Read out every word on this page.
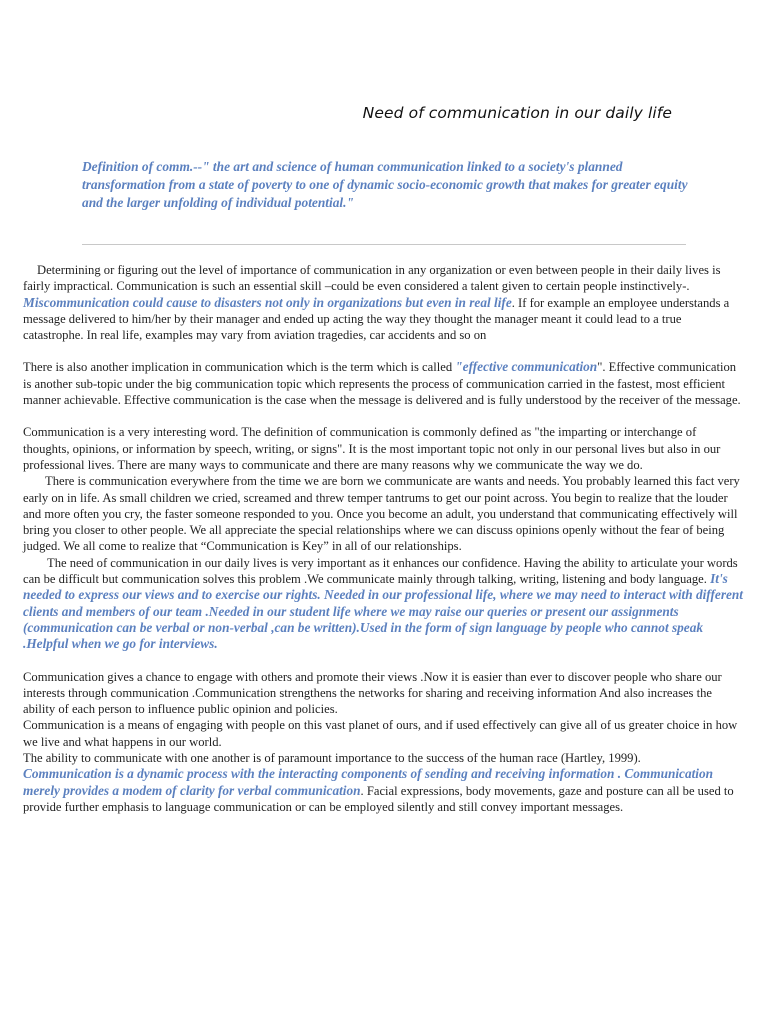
Need of communication in our daily life

Definition of comm.--" the art and science of human communication linked to a society's planned transformation from a state of poverty to one of dynamic socio-economic growth that makes for greater equity and the larger unfolding of individual potential."

Determining or figuring out the level of importance of communication in any organization or even between people in their daily lives is fairly impractical. Communication is such an essential skill –could be even considered a talent given to certain people instinctively-. Miscommunication could cause to disasters not only in organizations but even in real life. If for example an employee understands a message delivered to him/her by their manager and ended up acting the way they thought the manager meant it could lead to a true catastrophe. In real life, examples may vary from aviation tragedies, car accidents and so on

There is also another implication in communication which is the term which is called "effective communication". Effective communication is another sub-topic under the big communication topic which represents the process of communication carried in the fastest, most efficient manner achievable. Effective communication is the case when the message is delivered and is fully understood by the receiver of the message.

Communication is a very interesting word. The definition of communication is commonly defined as "the imparting or interchange of thoughts, opinions, or information by speech, writing, or signs". It is the most important topic not only in our personal lives but also in our professional lives. There are many ways to communicate and there are many reasons why we communicate the way we do.

There is communication everywhere from the time we are born we communicate are wants and needs. You probably learned this fact very early on in life. As small children we cried, screamed and threw temper tantrums to get our point across. You begin to realize that the louder and more often you cry, the faster someone responded to you. Once you become an adult, you understand that communicating effectively will bring you closer to other people. We all appreciate the special relationships where we can discuss opinions openly without the fear of being judged. We all come to realize that “Communication is Key” in all of our relationships.

The need of communication in our daily lives is very important as it enhances our confidence. Having the ability to articulate your words can be difficult but communication solves this problem .We communicate mainly through talking, writing, listening and body language. It's needed to express our views and to exercise our rights. Needed in our professional life, where we may need to interact with different clients and members of our team .Needed in our student life where we may raise our queries or present our assignments (communication can be verbal or non-verbal ,can be written).Used in the form of sign language by people who cannot speak .Helpful when we go for interviews.

Communication gives a chance to engage with others and promote their views .Now it is easier than ever to discover people who share our interests through communication .Communication strengthens the networks for sharing and receiving information And also increases the ability of each person to influence public opinion and policies.

Communication is a means of engaging with people on this vast planet of ours, and if used effectively can give all of us greater choice in how we live and what happens in our world.

The ability to communicate with one another is of paramount importance to the success of the human race (Hartley, 1999).

Communication is a dynamic process with the interacting components of sending and receiving information . Communication merely provides a modem of clarity for verbal communication. Facial expressions, body movements, gaze and posture can all be used to provide further emphasis to language communication or can be employed silently and still convey important messages.
